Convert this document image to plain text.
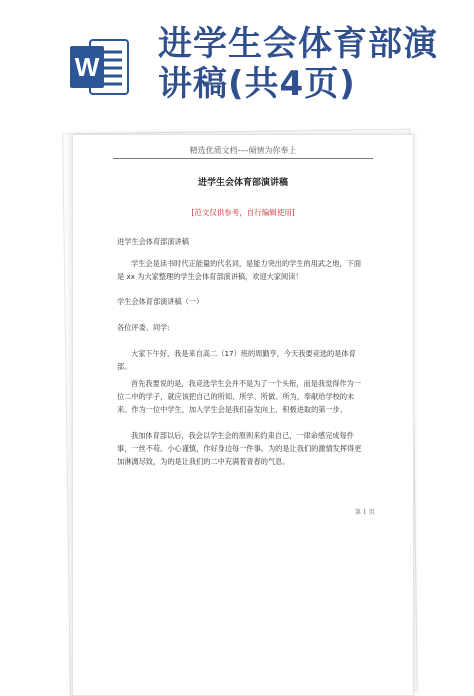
W
进学生会体育部演讲稿(共4页)
精选优质文档----倾情为你奉上
进学生会体育部演讲稿
[范文仅供参考，自行编辑使用]
进学生会体育部演讲稿
学生会是读书时代正能量的代名词，是能力突出的学生的用武之地，下面是 xx 为大家整理的学生会体育部演讲稿，欢迎大家阅读！
学生会体育部演讲稿（一）
各位评委、同学:
大家下午好，我是来自高二（17）班的周勤亨，今天我要竞选的是体育部。
首先我要说的是，我竞选学生会并不是为了一个头衔，而是我觉得作为一位二中的学子，就应该把自己的所知、所学、所做、所为，奉献给学校的未来。作为一位中学生，加入学生会是我们奋发向上、积极进取的第一步。
我加体育部以后，我会以学生会的原则来约束自己，一律命感完成每件事，一丝不苟。小心谨慎，作好身边每一件事。为的是让我们的激情发挥得更加淋漓尽致，为的是让我们的二中充满着青春的气息。
第 1 页
